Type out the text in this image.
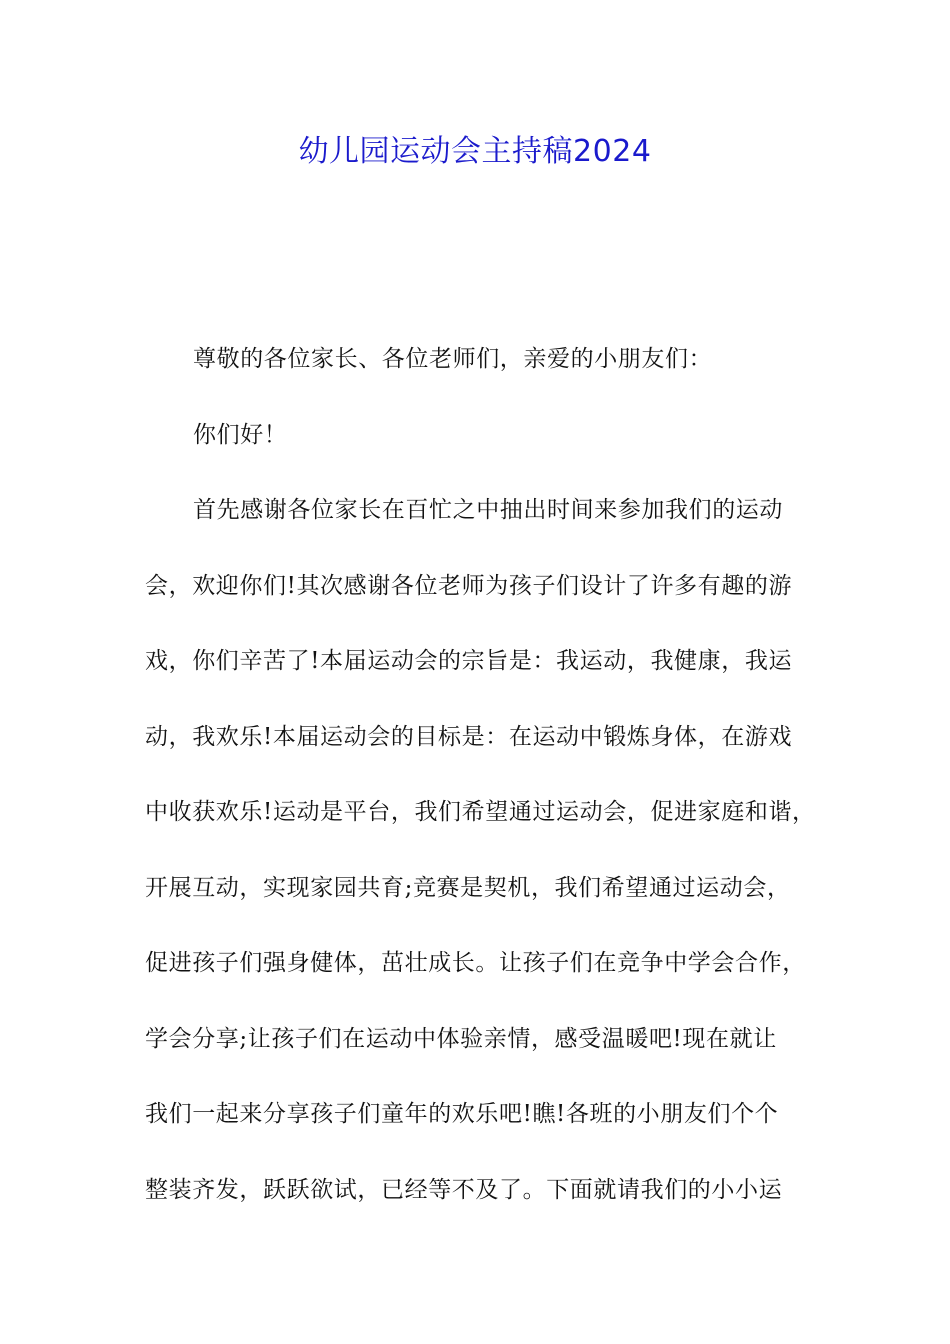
幼儿园运动会主持稿2024
尊敬的各位家长、各位老师们，亲爱的小朋友们：
你们好！
首先感谢各位家长在百忙之中抽出时间来参加我们的运动
会，欢迎你们!其次感谢各位老师为孩子们设计了许多有趣的游
戏，你们辛苦了!本届运动会的宗旨是：我运动，我健康，我运
动，我欢乐!本届运动会的目标是：在运动中锻炼身体，在游戏
中收获欢乐!运动是平台，我们希望通过运动会，促进家庭和谐，
开展互动，实现家园共育;竞赛是契机，我们希望通过运动会，
促进孩子们强身健体，茁壮成长。让孩子们在竞争中学会合作，
学会分享;让孩子们在运动中体验亲情，感受温暖吧!现在就让
我们一起来分享孩子们童年的欢乐吧!瞧!各班的小朋友们个个
整装齐发，跃跃欲试，已经等不及了。下面就请我们的小小运
